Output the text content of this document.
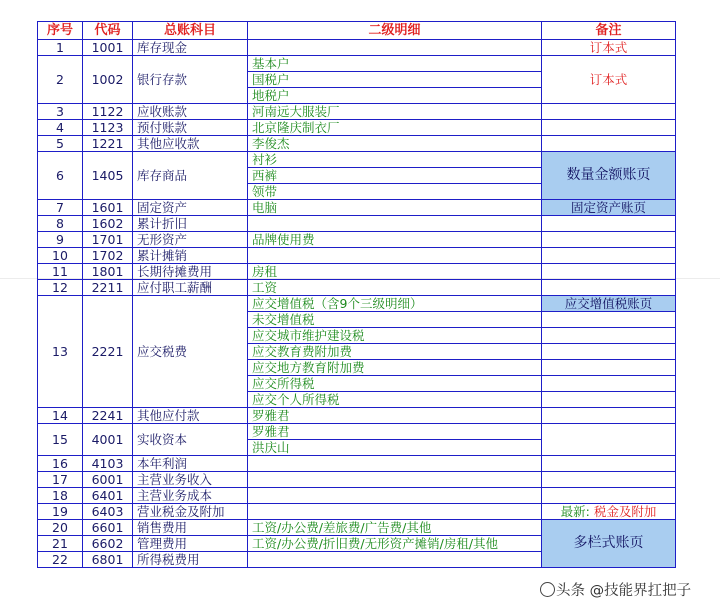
序号	代码	总账科目	二级明细	备注
1	1001	库存现金		订本式
2	1002	银行存款	基本户	订本式
			国税户	
			地税户	
3	1122	应收账款	河南远大服装厂	
4	1123	预付账款	北京隆庆制衣厂	
5	1221	其他应收款	李俊杰	
6	1405	库存商品	衬衫	数量金额账页
			西裤	
			领带	
7	1601	固定资产	电脑	固定资产账页
8	1602	累计折旧		
9	1701	无形资产	品牌使用费	
10	1702	累计摊销		
11	1801	长期待摊费用	房租	
12	2211	应付职工薪酬	工资	
13	2221	应交税费	应交增值税（含9个三级明细）	应交增值税账页
			未交增值税	
			应交城市维护建设税	
			应交教育费附加费	
			应交地方教育附加费	
			应交所得税	
			应交个人所得税	
14	2241	其他应付款	罗雅君	
15	4001	实收资本	罗雅君	
			洪庆山	
16	4103	本年利润		
17	6001	主营业务收入		
18	6401	主营业务成本		
19	6403	营业税金及附加		最新: 税金及附加
20	6601	销售费用	工资/办公费/差旅费/广告费/其他	多栏式账页
21	6602	管理费用	工资/办公费/折旧费/无形资产摊销/房租/其他	
22	6801	所得税费用		
头条 @技能界扛把子
